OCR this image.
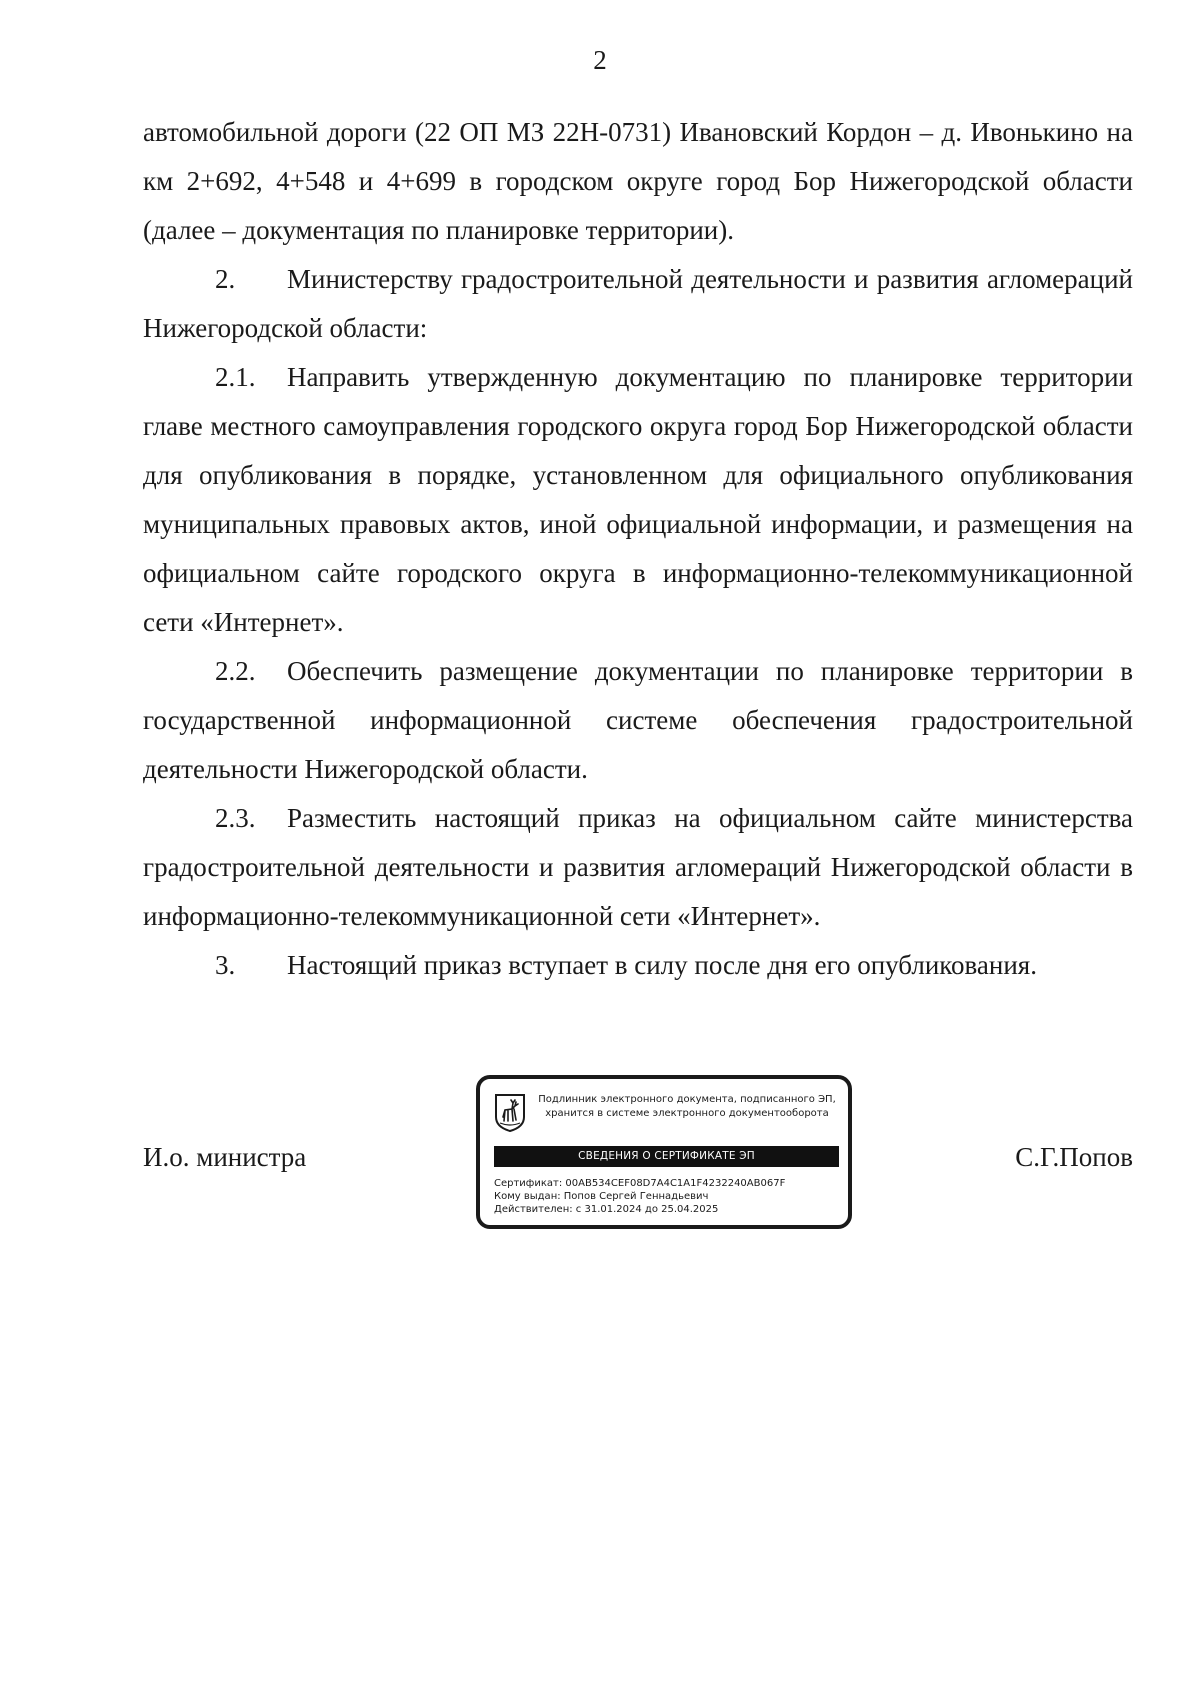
2

автомобильной дороги (22 ОП МЗ 22Н-0731) Ивановский Кордон – д. Ивонькино на км 2+692, 4+548 и 4+699 в городском округе город Бор Нижегородской области (далее – документация по планировке территории).

2. Министерству градостроительной деятельности и развития агломераций Нижегородской области:

2.1. Направить утвержденную документацию по планировке территории главе местного самоуправления городского округа город Бор Нижегородской области для опубликования в порядке, установленном для официального опубликования муниципальных правовых актов, иной официальной информации, и размещения на официальном сайте городского округа в информационно-телекоммуникационной сети «Интернет».

2.2. Обеспечить размещение документации по планировке территории в государственной информационной системе обеспечения градостроительной деятельности Нижегородской области.

2.3. Разместить настоящий приказ на официальном сайте министерства градостроительной деятельности и развития агломераций Нижегородской области в информационно-телекоммуникационной сети «Интернет».

3. Настоящий приказ вступает в силу после дня его опубликования.

И.о. министра
Подлинник электронного документа, подписанного ЭП,
хранится в системе электронного документооборота
СВЕДЕНИЯ О СЕРТИФИКАТЕ ЭП
Сертификат: 00AB534CEF08D7A4C1A1F4232240AB067F
Кому выдан: Попов Сергей Геннадьевич
Действителен: с 31.01.2024 до 25.04.2025
С.Г.Попов
